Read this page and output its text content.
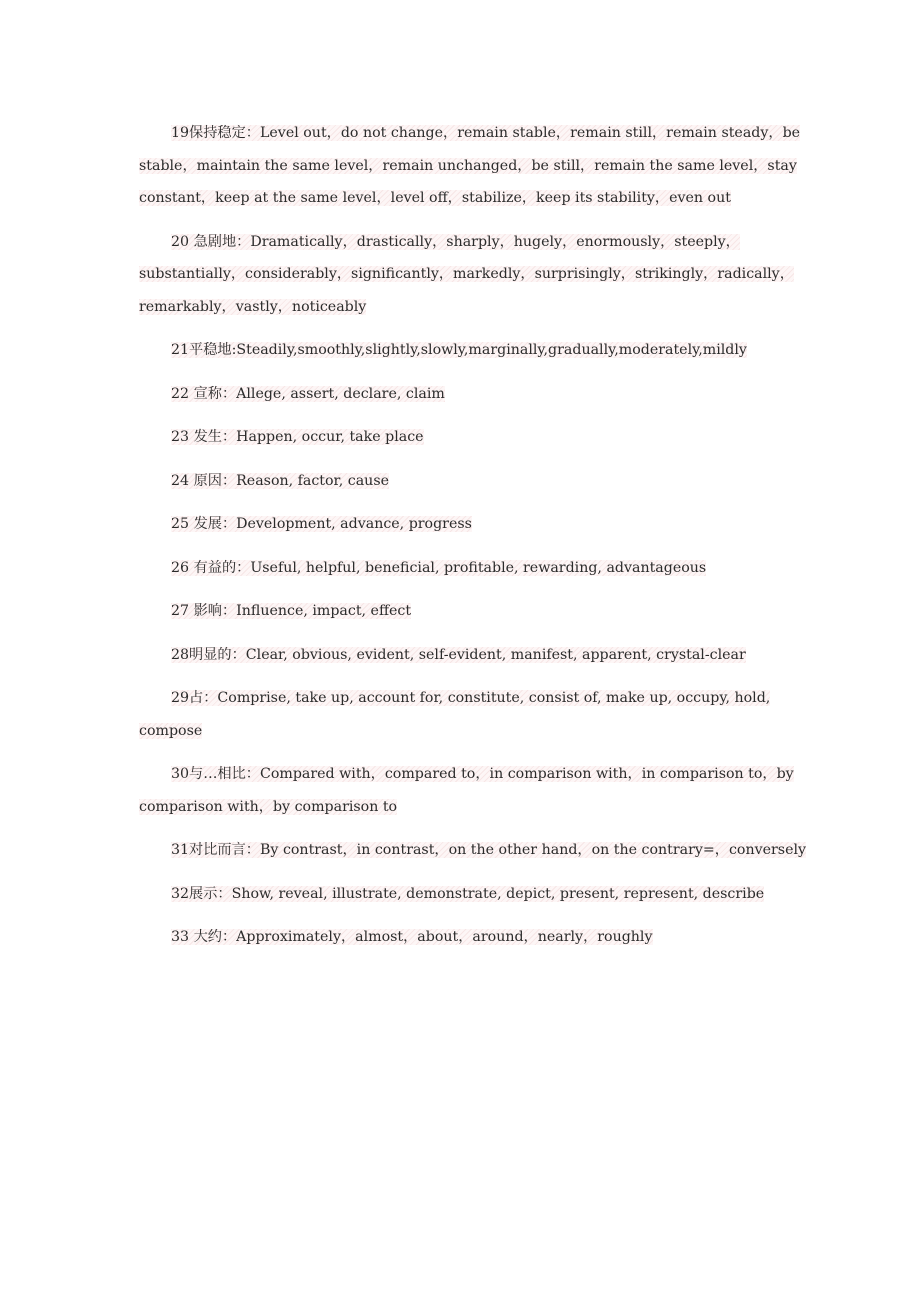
19保持稳定：Level out，do not change，remain stable，remain still，remain steady，be stable，maintain the same level，remain unchanged，be still，remain the same level，stay constant，keep at the same level，level off，stabilize，keep its stability，even out

20 急剧地：Dramatically，drastically，sharply，hugely，enormously，steeply，substantially，considerably，significantly，markedly，surprisingly，strikingly，radically，remarkably，vastly，noticeably

21平稳地:Steadily,smoothly,slightly,slowly,marginally,gradually,moderately,mildly

22 宣称：Allege, assert, declare, claim

23 发生：Happen, occur, take place

24 原因：Reason, factor, cause

25 发展：Development, advance, progress

26 有益的：Useful, helpful, beneficial, profitable, rewarding, advantageous

27 影响：Influence, impact, effect

28明显的：Clear, obvious, evident, self-evident, manifest, apparent, crystal-clear

29占：Comprise, take up, account for, constitute, consist of, make up, occupy, hold, compose

30与…相比：Compared with，compared to，in comparison with，in comparison to，by comparison with，by comparison to

31对比而言：By contrast，in contrast，on the other hand，on the contrary=，conversely

32展示：Show, reveal, illustrate, demonstrate, depict, present, represent, describe

33 大约：Approximately，almost，about，around，nearly，roughly
